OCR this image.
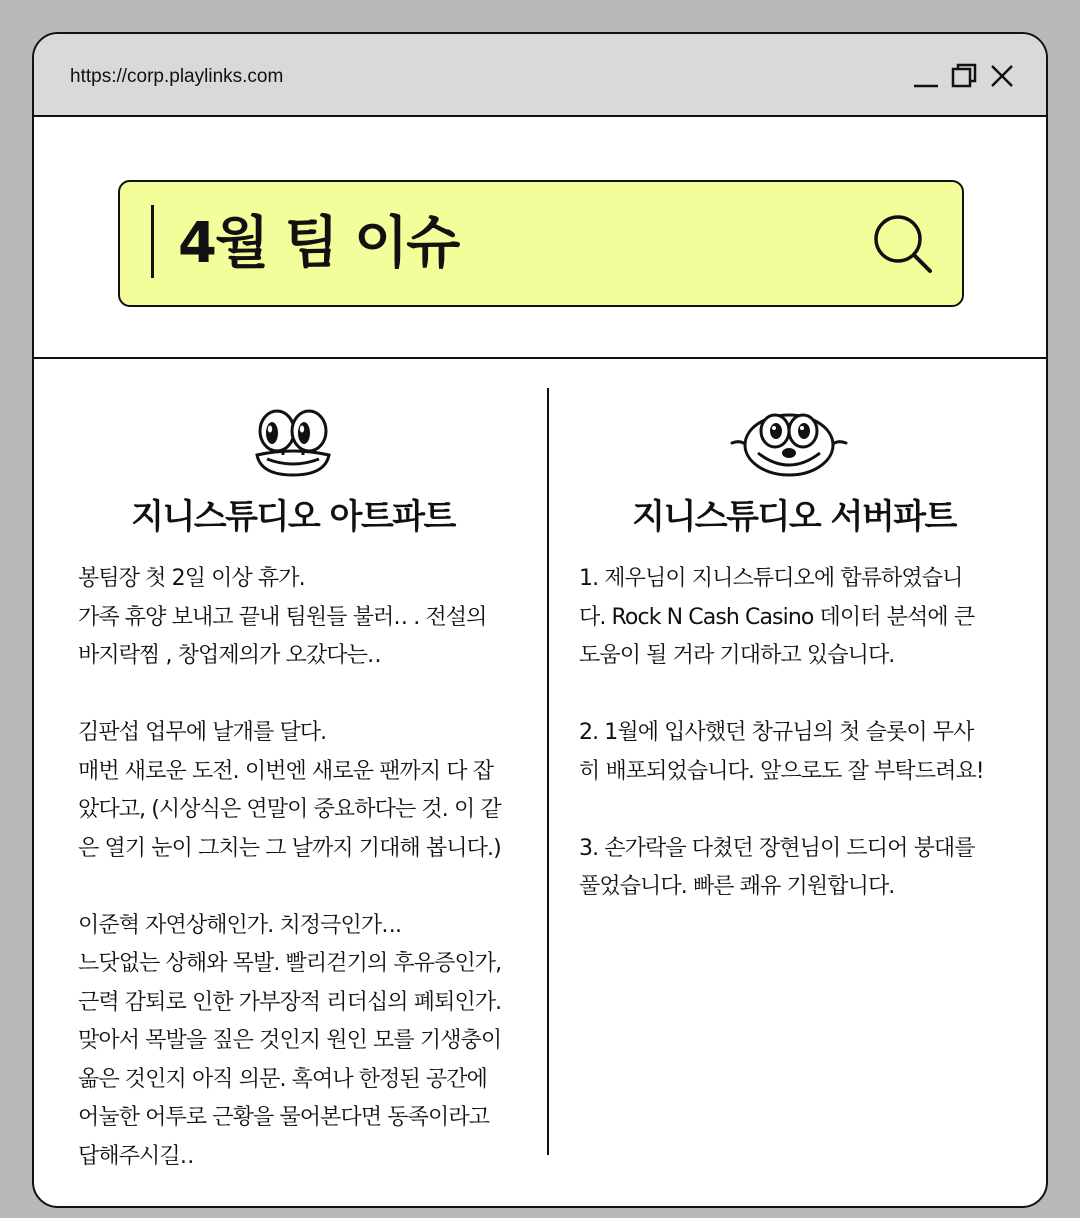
https://corp.playlinks.com
4월 팀 이슈
지니스튜디오 아트파트
봉팀장 첫 2일 이상 휴가.
가족 휴양 보내고 끝내 팀원들 불러‥ . 전설의
바지락찜 , 창업제의가 오갔다는‥
김판섭 업무에 날개를 달다.
매번 새로운 도전. 이번엔 새로운 팬까지 다 잡
았다고, (시상식은 연말이 중요하다는 것. 이 같
은 열기 눈이 그치는 그 날까지 기대해 봅니다.)
이준혁 자연상해인가. 치정극인가‥.
느닷없는 상해와 목발. 빨리걷기의 후유증인가,
근력 감퇴로 인한 가부장적 리더십의 폐퇴인가.
맞아서 목발을 짚은 것인지 원인 모를 기생충이
옮은 것인지 아직 의문. 혹여나 한정된 공간에
어눌한 어투로 근황을 물어본다면 동족이라고
답해주시길‥
지니스튜디오 서버파트
1. 제우님이 지니스튜디오에 합류하였습니
다. Rock N Cash Casino 데이터 분석에 큰
도움이 될 거라 기대하고 있습니다.
2. 1월에 입사했던 창규님의 첫 슬롯이 무사
히 배포되었습니다. 앞으로도 잘 부탁드려요!
3. 손가락을 다쳤던 장현님이 드디어 붕대를
풀었습니다. 빠른 쾌유 기원합니다.
